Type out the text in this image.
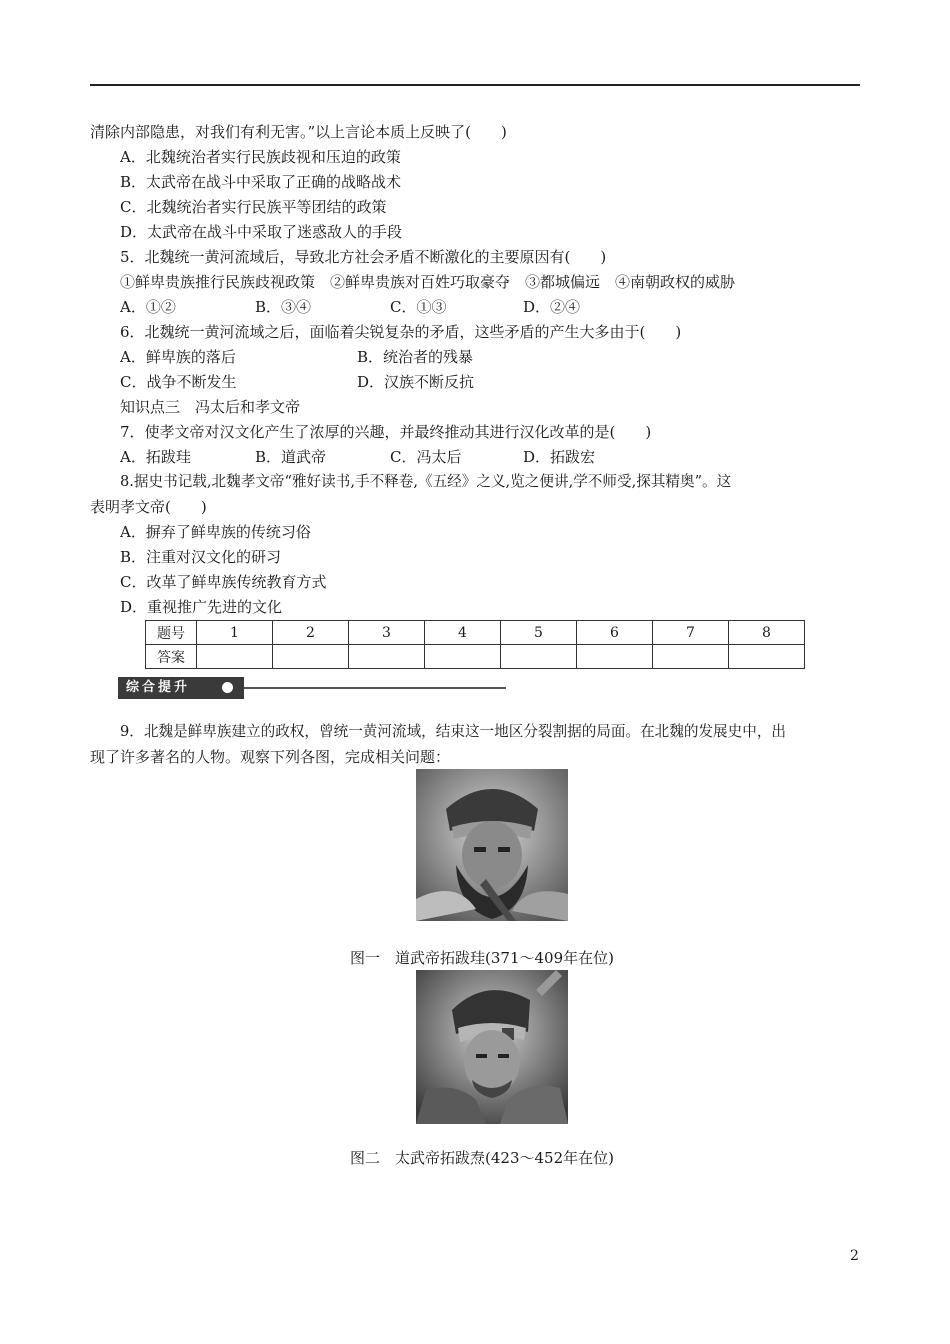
清除内部隐患，对我们有利无害。”以上言论本质上反映了(　　)
A．北魏统治者实行民族歧视和压迫的政策
B．太武帝在战斗中采取了正确的战略战术
C．北魏统治者实行民族平等团结的政策
D．太武帝在战斗中采取了迷惑敌人的手段
5．北魏统一黄河流域后，导致北方社会矛盾不断激化的主要原因有(　　)
①鲜卑贵族推行民族歧视政策　②鲜卑贵族对百姓巧取豪夺　③都城偏远　④南朝政权的威胁
A．①②	B．③④	C．①③	D．②④
6．北魏统一黄河流域之后，面临着尖锐复杂的矛盾，这些矛盾的产生大多由于(　　)
A．鲜卑族的落后	B．统治者的残暴
C．战争不断发生	D．汉族不断反抗
知识点三　冯太后和孝文帝
7．使孝文帝对汉文化产生了浓厚的兴趣，并最终推动其进行汉化改革的是(　　)
A．拓跋珪	B．道武帝	C．冯太后	D．拓跋宏
8.据史书记载,北魏孝文帝“雅好读书,手不释卷,《五经》之义,览之便讲,学不师受,探其精奥”。这
表明孝文帝(　　)
A．摒弃了鲜卑族的传统习俗
B．注重对汉文化的研习
C．改革了鲜卑族传统教育方式
D．重视推广先进的文化
题号	1	2	3	4	5	6	7	8
答案								
综合提升
9．北魏是鲜卑族建立的政权，曾统一黄河流域，结束这一地区分裂割据的局面。在北魏的发展史中，出
现了许多著名的人物。观察下列各图，完成相关问题：
图一　道武帝拓跋珪(371～409年在位)
图二　太武帝拓跋焘(423～452年在位)
2
